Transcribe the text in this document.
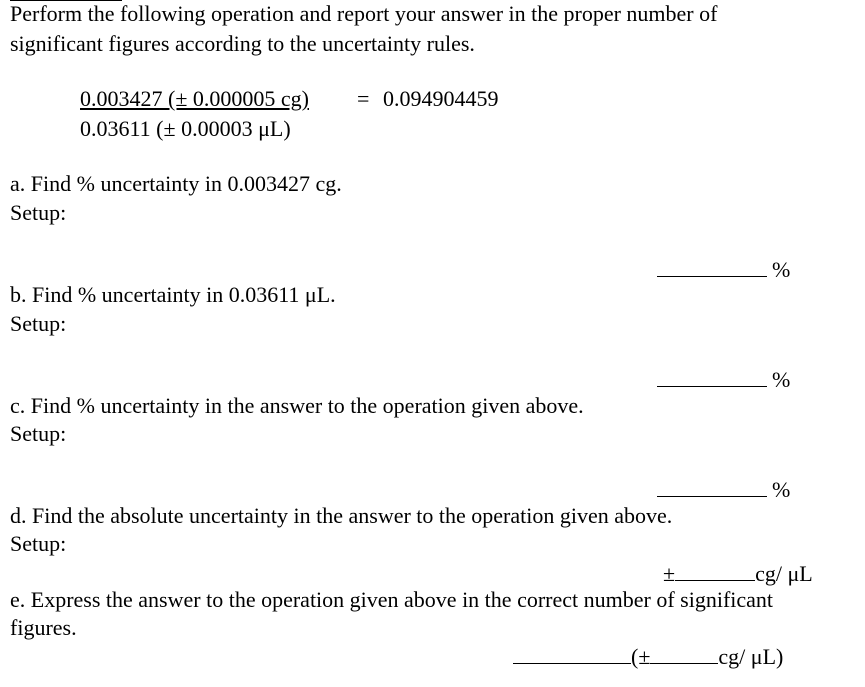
Perform the following operation and report your answer in the proper number of
significant figures according to the uncertainty rules.
0.003427 (± 0.000005 cg) = 0.094904459
0.03611 (± 0.00003 μL)
a. Find % uncertainty in 0.003427 cg.
Setup:
%
b. Find % uncertainty in 0.03611 μL.
Setup:
%
c. Find % uncertainty in the answer to the operation given above.
Setup:
%
d. Find the absolute uncertainty in the answer to the operation given above.
Setup:
±	cg/ μL
e. Express the answer to the operation given above in the correct number of significant
figures.
(±	cg/ μL)
